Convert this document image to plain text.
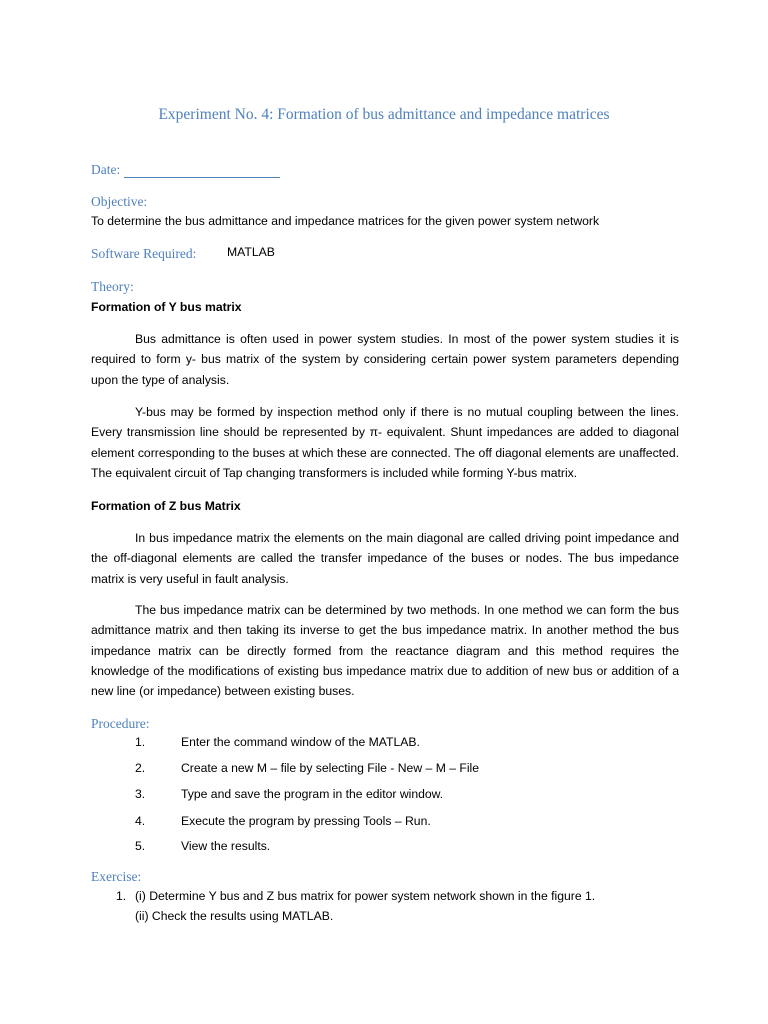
Experiment No. 4: Formation of bus admittance and impedance matrices
Date:
Objective:
To determine the bus admittance and impedance matrices for the given power system network
Software Required:	MATLAB
Theory:
Formation of Y bus matrix
Bus admittance is often used in power system studies. In most of the power system studies it is required to form y- bus matrix of the system by considering certain power system parameters depending upon the type of analysis.
Y-bus may be formed by inspection method only if there is no mutual coupling between the lines. Every transmission line should be represented by π- equivalent. Shunt impedances are added to diagonal element corresponding to the buses at which these are connected. The off diagonal elements are unaffected. The equivalent circuit of Tap changing transformers is included while forming Y-bus matrix.
Formation of Z bus Matrix
In bus impedance matrix the elements on the main diagonal are called driving point impedance and the off-diagonal elements are called the transfer impedance of the buses or nodes. The bus impedance matrix is very useful in fault analysis.
The bus impedance matrix can be determined by two methods. In one method we can form the bus admittance matrix and then taking its inverse to get the bus impedance matrix. In another method the bus impedance matrix can be directly formed from the reactance diagram and this method requires the knowledge of the modifications of existing bus impedance matrix due to addition of new bus or addition of a new line (or impedance) between existing buses.
Procedure:
1.	Enter the command window of the MATLAB.
2.	Create a new M – file by selecting File - New – M – File
3.	Type and save the program in the editor window.
4.	Execute the program by pressing Tools – Run.
5.	View the results.
Exercise:
1. (i) Determine Y bus and Z bus matrix for power system network shown in the figure 1.
(ii) Check the results using MATLAB.
